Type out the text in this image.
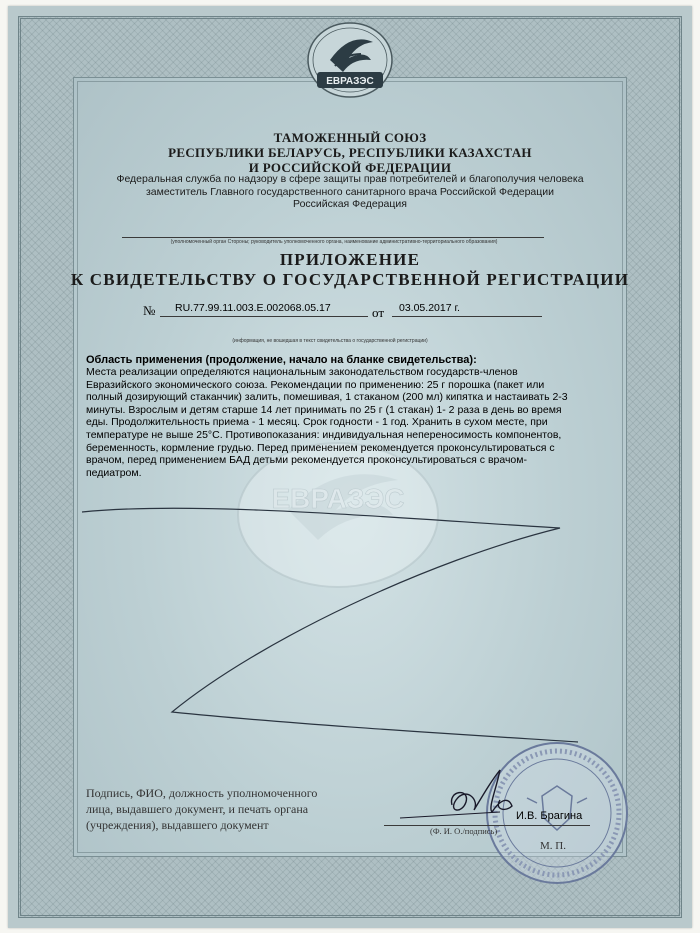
ЕВРАЗЭС
ТАМОЖЕННЫЙ СОЮЗ
РЕСПУБЛИКИ БЕЛАРУСЬ, РЕСПУБЛИКИ КАЗАХСТАН
И РОССИЙСКОЙ ФЕДЕРАЦИИ
Федеральная служба по надзору в сфере защиты прав потребителей и благополучия человека
заместитель Главного государственного санитарного врача Российской Федерации
Российская Федерация
(уполномоченный орган Стороны; руководитель уполномоченного органа, наименование административно-территориального образования)
ПРИЛОЖЕНИЕ
К СВИДЕТЕЛЬСТВУ О ГОСУДАРСТВЕННОЙ РЕГИСТРАЦИИ
№ RU.77.99.11.003.E.002068.05.17	от 03.05.2017 г.
(информация, не вошедшая в текст свидетельства о государственной регистрации)
ЕВРАЗЭС
Область применения (продолжение, начало на бланке свидетельства):
Места реализации определяются национальным законодательством государств-членов
Евразийского экономического союза. Рекомендации по применению: 25 г порошка (пакет или
полный дозирующий стаканчик) залить, помешивая, 1 стаканом (200 мл) кипятка и настаивать 2-3
минуты. Взрослым и детям старше 14 лет принимать по 25 г (1 стакан) 1- 2 раза в день во время
еды. Продолжительность приема - 1 месяц. Срок годности - 1 год. Хранить в сухом месте, при
температуре не выше 25°С. Противопоказания: индивидуальная непереносимость компонентов,
беременность, кормление грудью. Перед применением рекомендуется проконсультироваться с
врачом, перед применением БАД детьми рекомендуется проконсультироваться с врачом-
педиатром.
Подпись, ФИО, должность уполномоченного
лица, выдавшего документ, и печать органа
(учреждения), выдавшего документ
И.В. Брагина
(Ф. И. О./подпись)
М. П.
